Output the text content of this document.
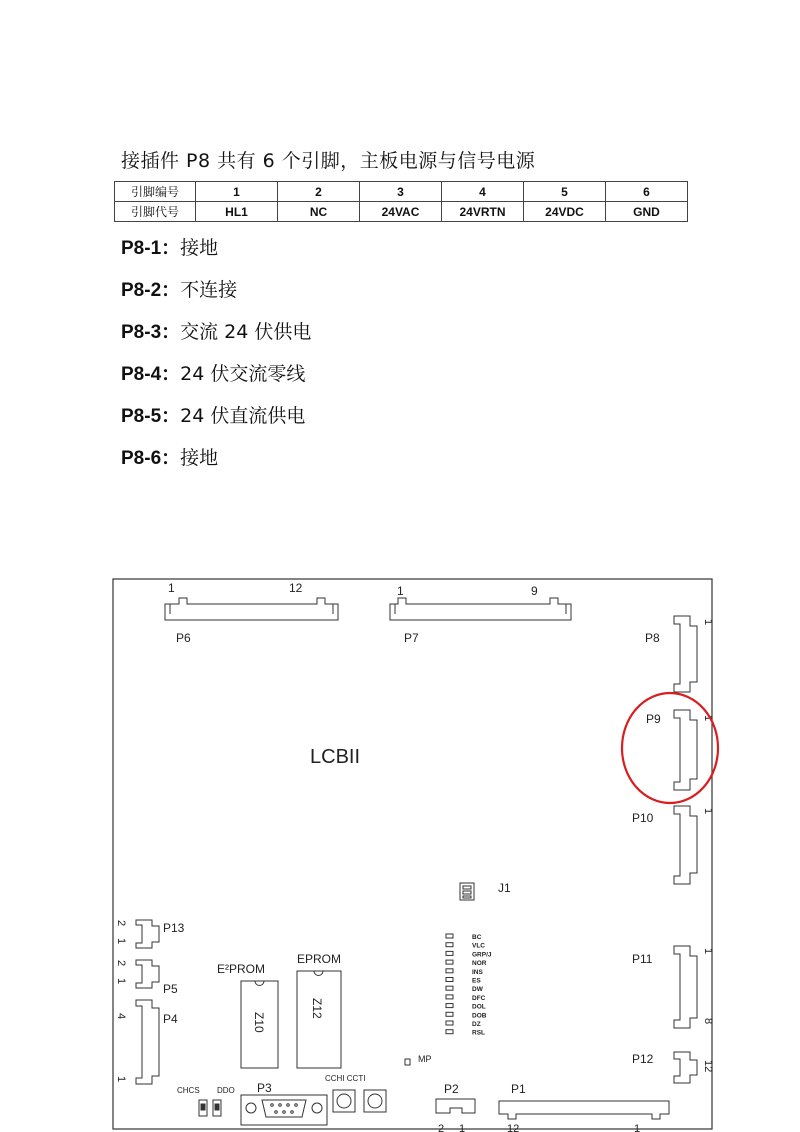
接插件 P8 共有 6 个引脚，主板电源与信号电源
引脚编号	1	2	3	4	5	6
引脚代号	HL1	NC	24VAC	24VRTN	24VDC	GND
P8-1：接地
P8-2：不连接
P8-3：交流 24 伏供电
P8-4：24 伏交流零线
P8-5：24 伏直流供电
P8-6：接地
1	12
P6
1	9
P7	P8
P9
P10
P11
P12
1
1
1
1
8
12
LCBII
J1
2
1
P13
2
1
P5
4
1
P4
E²PROM
Z10
EPROM
Z12
BC
VLC
GRP/J
NOR
INS
ES
DW
DFC
DOL
DOB
DZ
RSL
MP
CHCS DDO P3
CCHI CCTI
P2
2 1
P1
12	1
